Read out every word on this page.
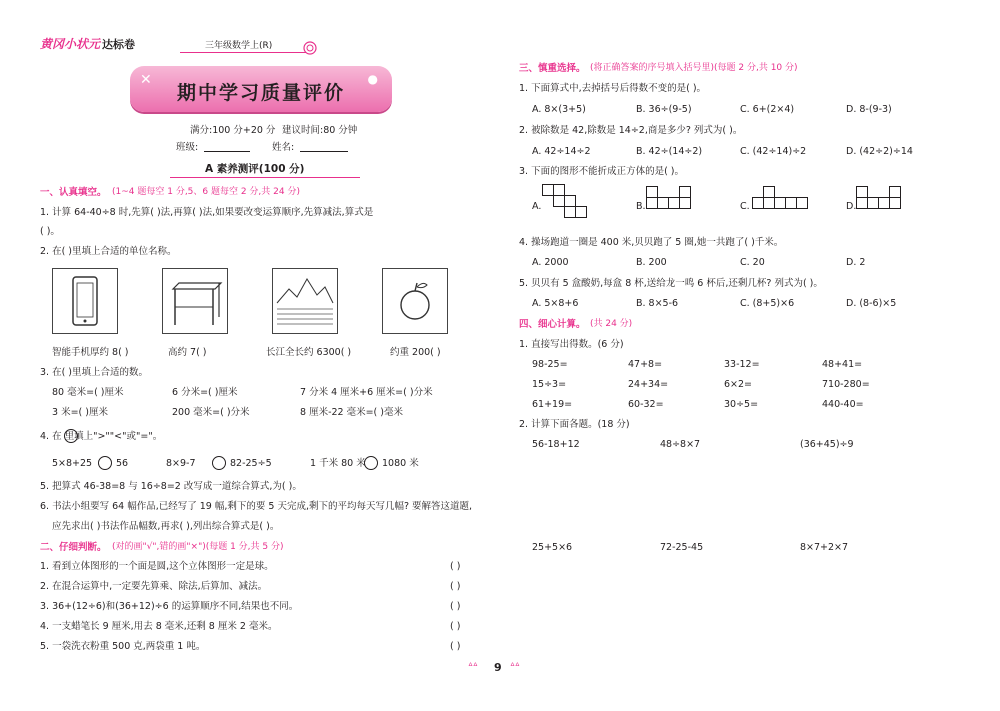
黄冈小状元 达标卷	三年级数学上(R)
✕	●
期中学习质量评价
满分:100 分+20 分 建议时间:80 分钟
班级:	姓名:
A 素养测评(100 分)
一、认真填空。 (1~4 题每空 1 分,5、6 题每空 2 分,共 24 分)
1. 计算 64-40÷8 时,先算( )法,再算( )法,如果要改变运算顺序,先算减法,算式是
( )。
2. 在( )里填上合适的单位名称。
智能手机厚约 8( )	高约 7( )	长江全长约 6300( )	约重 200( )
3. 在( )里填上合适的数。
80 毫米=( )厘米	6 分米=( )厘米	7 分米 4 厘米+6 厘米=( )分米
3 米=( )厘米	200 毫米=( )分米	8 厘米-22 毫米=( )毫米
4. 在 里填上">""<"或"="。
5×8+25	56	8×9-7	82-25÷5	1 千米 80 米 1080 米
5. 把算式 46-38=8 与 16÷8=2 改写成一道综合算式,为( )。
6. 书法小组要写 64 幅作品,已经写了 19 幅,剩下的要 5 天完成,剩下的平均每天写几幅? 要解答这道题,
应先求出( )书法作品幅数,再求( ),列出综合算式是( )。
二、仔细判断。 (对的画"√",错的画"×")(每题 1 分,共 5 分)
1. 看到立体图形的一个面是圆,这个立体图形一定是球。	( )
2. 在混合运算中,一定要先算乘、除法,后算加、减法。	( )
3. 36+(12÷6)和(36+12)÷6 的运算顺序不同,结果也不同。	( )
4. 一支蜡笔长 9 厘米,用去 8 毫米,还剩 8 厘米 2 毫米。	( )
5. 一袋洗衣粉重 500 克,两袋重 1 吨。	( )
三、慎重选择。 (将正确答案的序号填入括号里)(每题 2 分,共 10 分)
1. 下面算式中,去掉括号后得数不变的是( )。
A. 8×(3+5)	B. 36÷(9-5)	C. 6+(2×4)	D. 8-(9-3)
2. 被除数是 42,除数是 14÷2,商是多少? 列式为( )。
A. 42÷14÷2	B. 42÷(14÷2)	C. (42÷14)÷2	D. (42÷2)÷14
3. 下面的图形不能折成正方体的是( )。
A.	B.	C.	D.
4. 操场跑道一圈是 400 米,贝贝跑了 5 圈,她一共跑了( )千米。
A. 2000	B. 200	C. 20	D. 2
5. 贝贝有 5 盒酸奶,每盒 8 杯,送给龙一鸣 6 杯后,还剩几杯? 列式为( )。
A. 5×8+6	B. 8×5-6	C. (8+5)×6	D. (8-6)×5
四、细心计算。 (共 24 分)
1. 直接写出得数。(6 分)
98-25=	47+8=	33-12=	48+41=
15÷3=	24+34=	6×2=	710-280=
61+19=	60-32=	30÷5=	440-40=
2. 计算下面各题。(18 分)
56-18+12	48÷8×7	(36+45)÷9
25+5×6	72-25-45	8×7+2×7
ᐞᐞ 9 ᐞᐞ
